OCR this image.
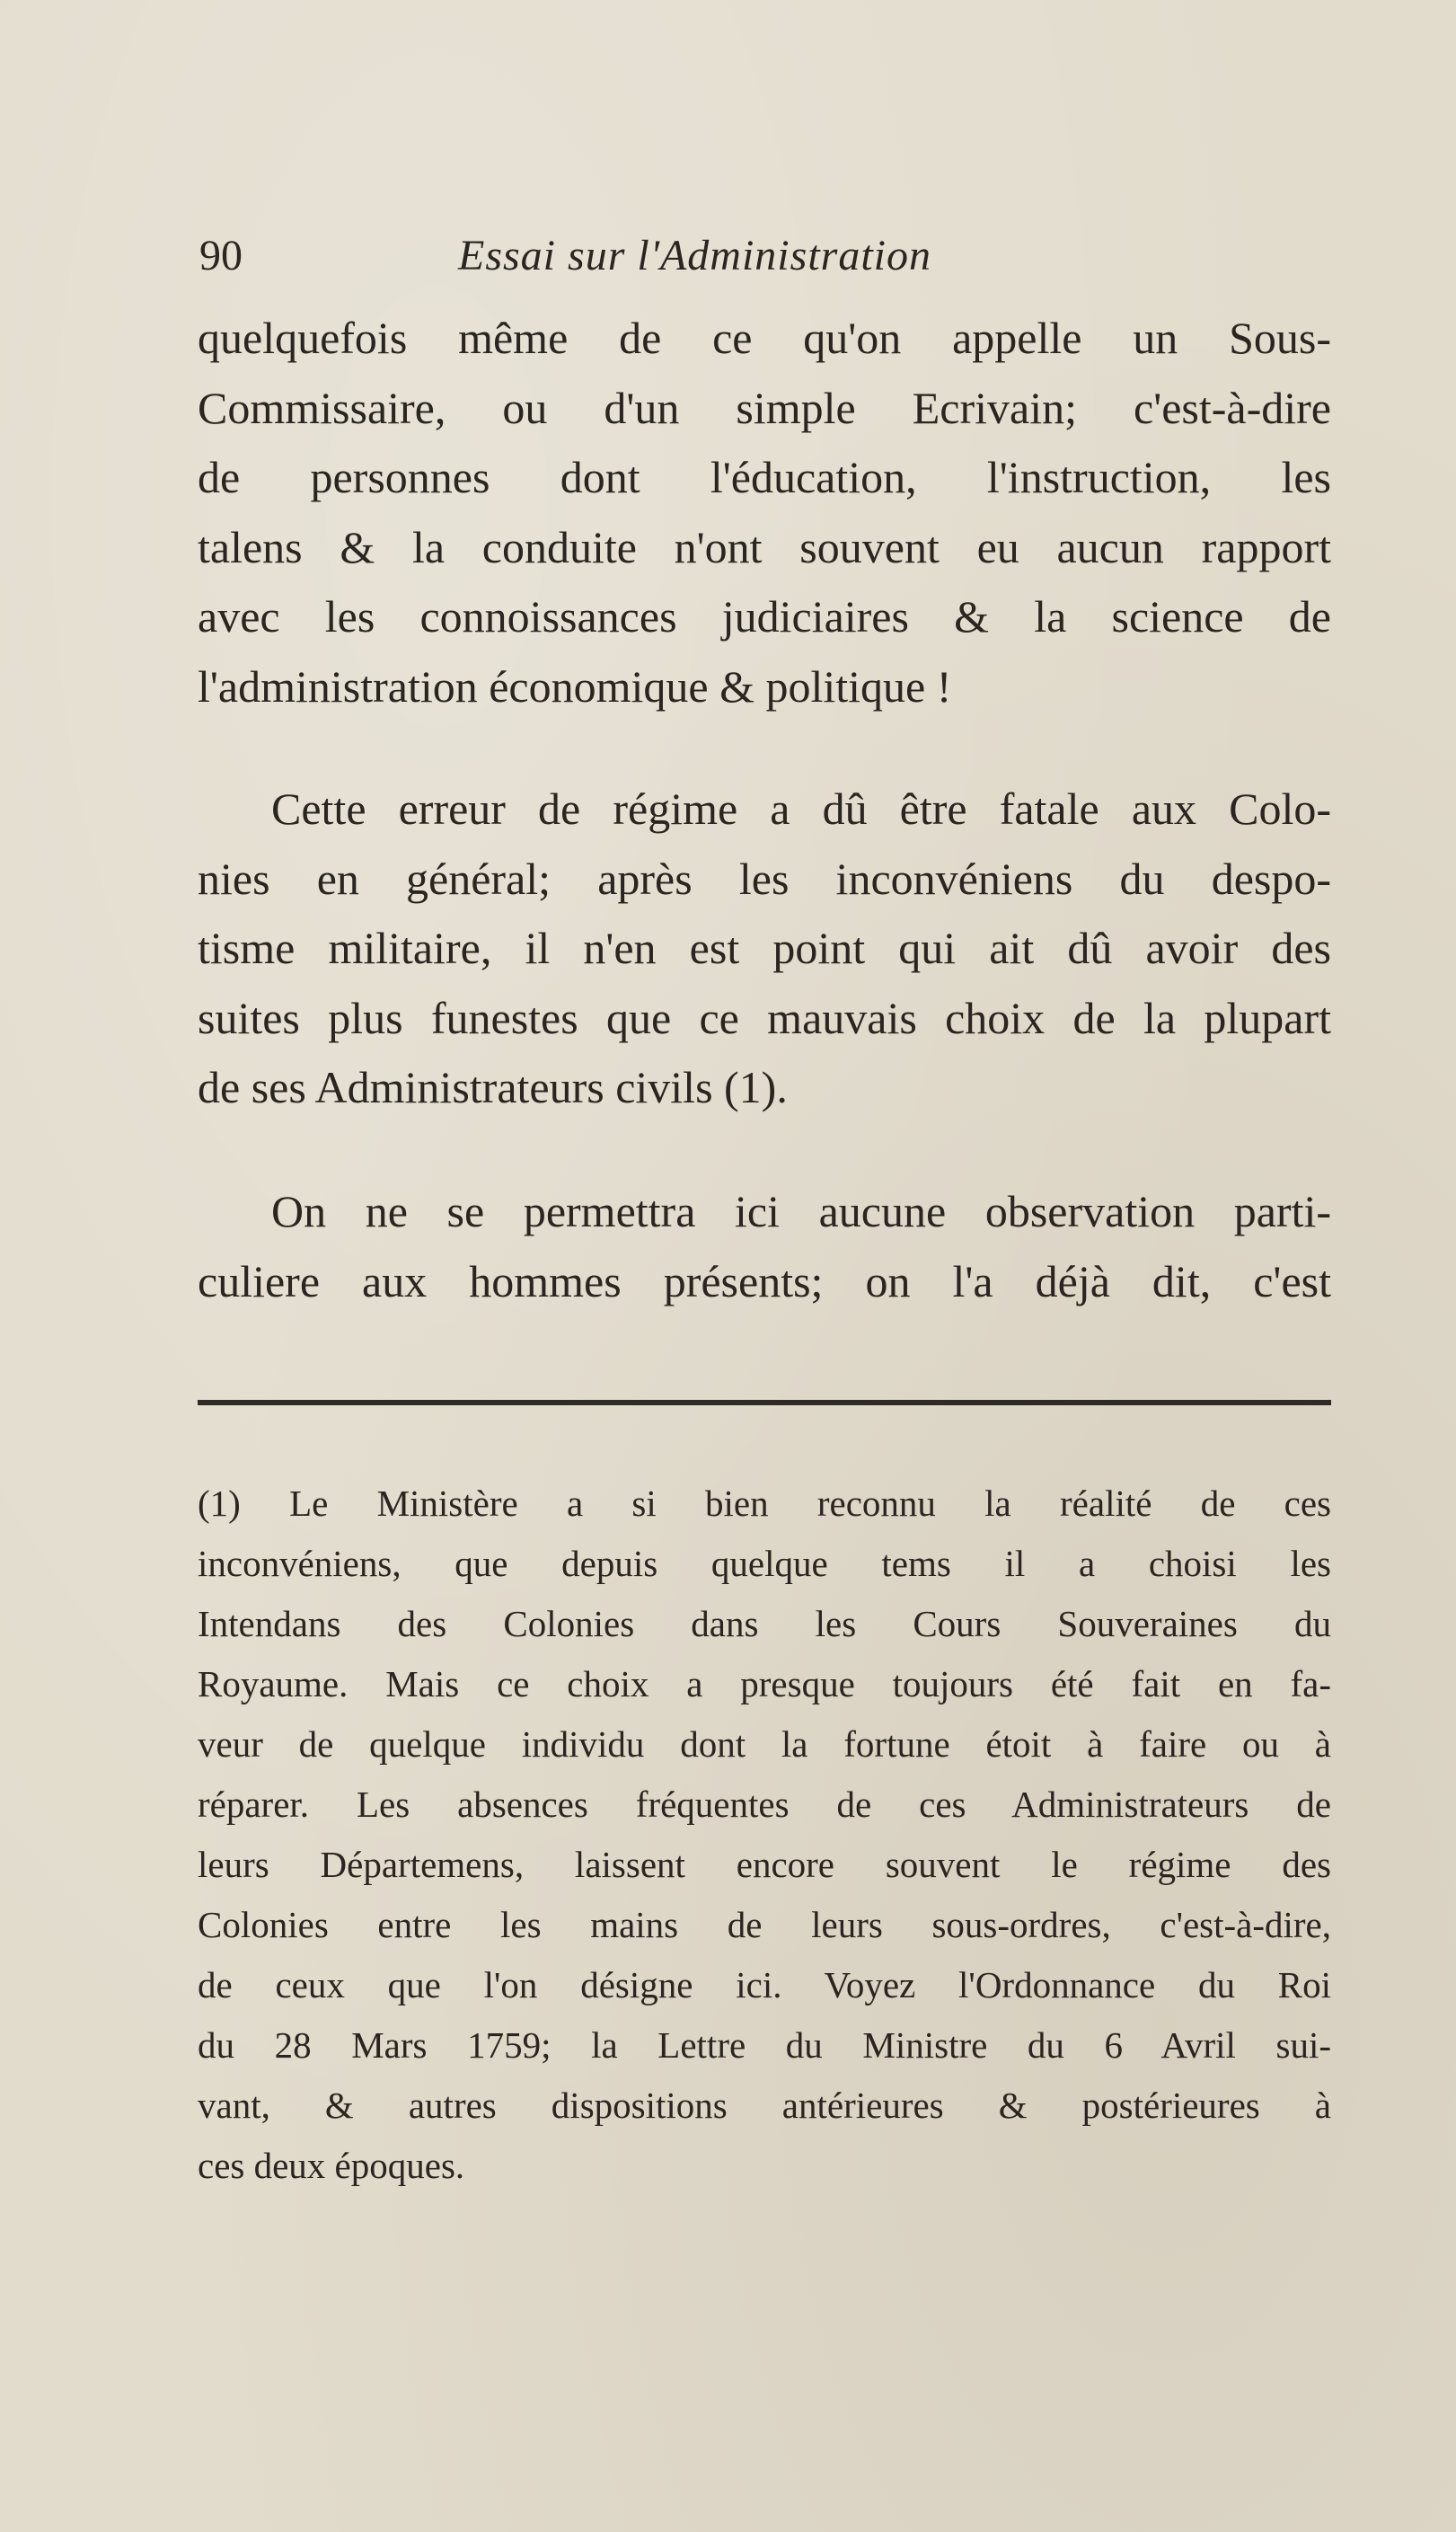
90	Essai sur l'Administration
quelquefois même de ce qu'on appelle un Sous-
Commissaire, ou d'un simple Ecrivain; c'est-à-dire
de personnes dont l'éducation, l'instruction, les
talens & la conduite n'ont souvent eu aucun rapport
avec les connoissances judiciaires & la science de
l'administration économique & politique !
Cette erreur de régime a dû être fatale aux Colo-
nies en général; après les inconvéniens du despo-
tisme militaire, il n'en est point qui ait dû avoir des
suites plus funestes que ce mauvais choix de la plupart
de ses Administrateurs civils (1).
On ne se permettra ici aucune observation parti-
culiere aux hommes présents; on l'a déjà dit, c'est
(1) Le Ministère a si bien reconnu la réalité de ces
inconvéniens, que depuis quelque tems il a choisi les
Intendans des Colonies dans les Cours Souveraines du
Royaume. Mais ce choix a presque toujours été fait en fa-
veur de quelque individu dont la fortune étoit à faire ou à
réparer. Les absences fréquentes de ces Administrateurs de
leurs Départemens, laissent encore souvent le régime des
Colonies entre les mains de leurs sous-ordres, c'est-à-dire,
de ceux que l'on désigne ici. Voyez l'Ordonnance du Roi
du 28 Mars 1759; la Lettre du Ministre du 6 Avril sui-
vant, & autres dispositions antérieures & postérieures à
ces deux époques.
